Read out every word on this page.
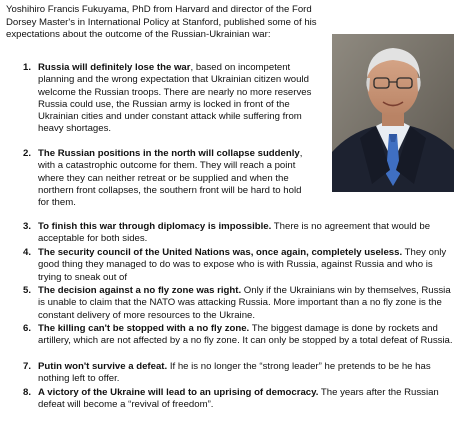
Yoshihiro Francis Fukuyama, PhD from Harvard and director of the Ford Dorsey Master's in International Policy at Stanford, published some of his expectations about the outcome of the Russian-Ukrainian war:
1. Russia will definitely lose the war, based on incompetent planning and the wrong expectation that Ukrainian citizen would welcome the Russian troops. There are nearly no more reserves Russia could use, the Russian army is locked in front of the Ukrainian cities and under constant attack while suffering from heavy shortages.
2. The Russian positions in the north will collapse suddenly, with a catastrophic outcome for them. They will reach a point where they can neither retreat or be supplied and when the northern front collapses, the southern front will be hard to hold for them.
3. To finish this war through diplomacy is impossible. There is no agreement that would be acceptable for both sides.
4. The security council of the United Nations was, once again, completely useless. They only good thing they managed to do was to expose who is with Russia, against Russia and who is trying to sneak out of
5. The decision against a no fly zone was right. Only if the Ukrainians win by themselves, Russia is unable to claim that the NATO was attacking Russia. More important than a no fly zone is the constant delivery of more resources to the Ukraine.
6. The killing can't be stopped with a no fly zone. The biggest damage is done by rockets and artillery, which are not affected by a no fly zone. It can only be stopped by a total defeat of Russia.
7. Putin won't survive a defeat. If he is no longer the “strong leader” he pretends to be he has nothing left to offer.
8. A victory of the Ukraine will lead to an uprising of democracy. The years after the Russian defeat will become a “revival of freedom”.
